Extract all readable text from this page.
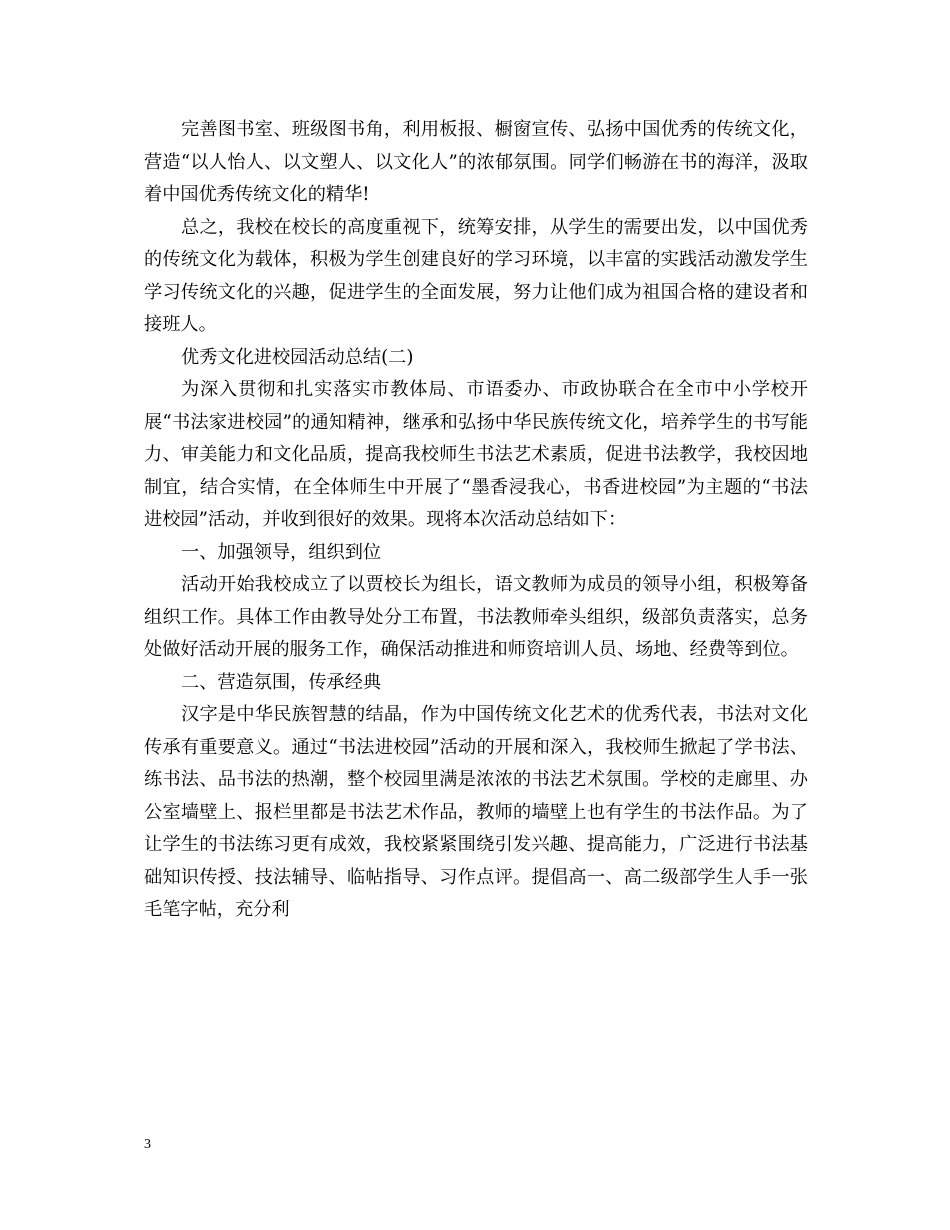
完善图书室、班级图书角，利用板报、橱窗宣传、弘扬中国优秀的传统文化，营造“以人怡人、以文塑人、以文化人”的浓郁氛围。同学们畅游在书的海洋，汲取着中国优秀传统文化的精华!

总之，我校在校长的高度重视下，统筹安排，从学生的需要出发，以中国优秀的传统文化为载体，积极为学生创建良好的学习环境，以丰富的实践活动激发学生学习传统文化的兴趣，促进学生的全面发展，努力让他们成为祖国合格的建设者和接班人。

优秀文化进校园活动总结(二)

为深入贯彻和扎实落实市教体局、市语委办、市政协联合在全市中小学校开展“书法家进校园”的通知精神，继承和弘扬中华民族传统文化，培养学生的书写能力、审美能力和文化品质，提高我校师生书法艺术素质，促进书法教学，我校因地制宜，结合实情，在全体师生中开展了“墨香浸我心，书香进校园”为主题的“书法进校园”活动，并收到很好的效果。现将本次活动总结如下：

一、加强领导，组织到位

活动开始我校成立了以贾校长为组长，语文教师为成员的领导小组，积极筹备组织工作。具体工作由教导处分工布置，书法教师牵头组织，级部负责落实，总务处做好活动开展的服务工作，确保活动推进和师资培训人员、场地、经费等到位。

二、营造氛围，传承经典

汉字是中华民族智慧的结晶，作为中国传统文化艺术的优秀代表，书法对文化传承有重要意义。通过“书法进校园”活动的开展和深入，我校师生掀起了学书法、练书法、品书法的热潮，整个校园里满是浓浓的书法艺术氛围。学校的走廊里、办公室墙壁上、报栏里都是书法艺术作品，教师的墙壁上也有学生的书法作品。为了让学生的书法练习更有成效，我校紧紧围绕引发兴趣、提高能力，广泛进行书法基础知识传授、技法辅导、临帖指导、习作点评。提倡高一、高二级部学生人手一张毛笔字帖，充分利

3
